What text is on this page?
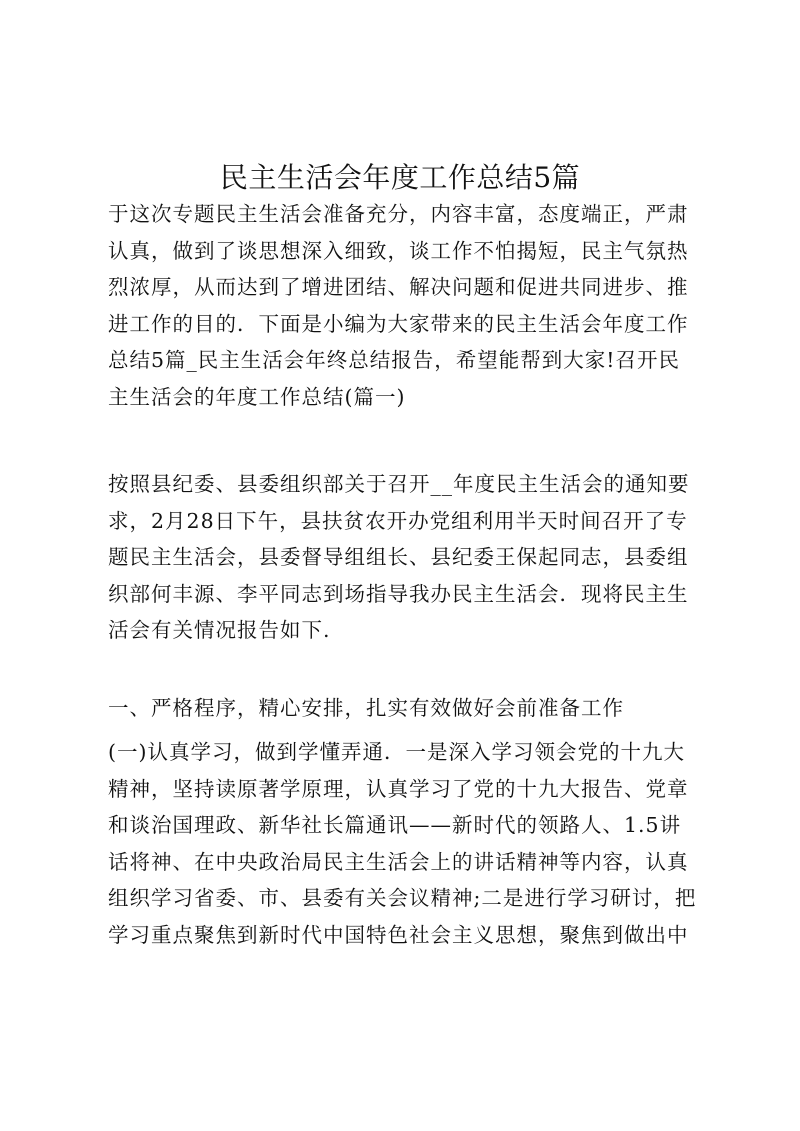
民主生活会年度工作总结5篇

于这次专题民主生活会准备充分，内容丰富，态度端正，严肃
认真，做到了谈思想深入细致，谈工作不怕揭短，民主气氛热
烈浓厚，从而达到了增进团结、解决问题和促进共同进步、推
进工作的目的．下面是小编为大家带来的民主生活会年度工作
总结5篇_民主生活会年终总结报告，希望能帮到大家!召开民
主生活会的年度工作总结(篇一)

按照县纪委、县委组织部关于召开__年度民主生活会的通知要
求，2月28日下午，县扶贫农开办党组利用半天时间召开了专
题民主生活会，县委督导组组长、县纪委王保起同志，县委组
织部何丰源、李平同志到场指导我办民主生活会．现将民主生
活会有关情况报告如下.

一、严格程序，精心安排，扎实有效做好会前准备工作

(一)认真学习，做到学懂弄通．一是深入学习领会党的十九大
精神，坚持读原著学原理，认真学习了党的十九大报告、党章
和谈治国理政、新华社长篇通讯——新时代的领路人、1.5讲
话将神、在中央政治局民主生活会上的讲话精神等内容，认真
组织学习省委、市、县委有关会议精神;二是进行学习研讨，把
学习重点聚焦到新时代中国特色社会主义思想，聚焦到做出中
